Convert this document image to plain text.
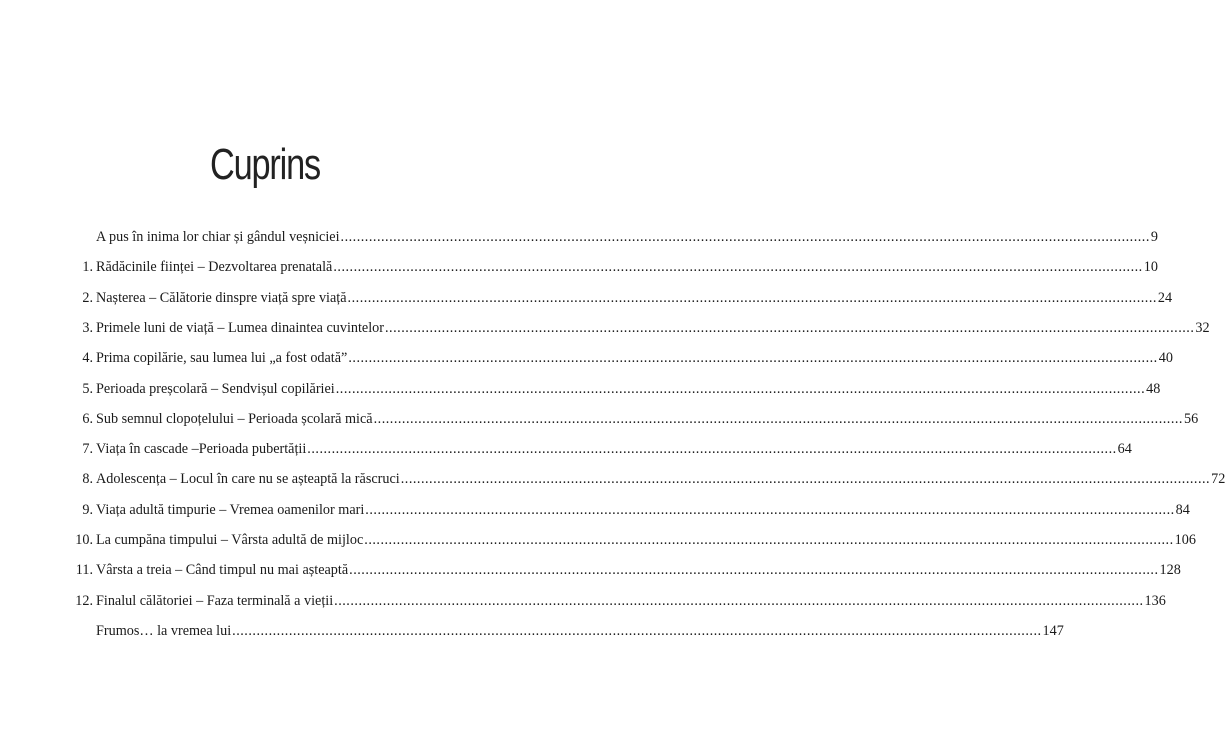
Cuprins
A pus în inima lor chiar și gândul veșniciei ........................................................................................................................................................................................................ 9
1. Rădăcinile ființei – Dezvoltarea prenatală ........................................................................................................................................................................................................ 10
2. Nașterea – Călătorie dinspre viață spre viață ........................................................................................................................................................................................................ 24
3. Primele luni de viață – Lumea dinaintea cuvintelor ........................................................................................................................................................................................................ 32
4. Prima copilărie, sau lumea lui „a fost odată” ........................................................................................................................................................................................................ 40
5. Perioada preșcolară – Sendvișul copilăriei ........................................................................................................................................................................................................ 48
6. Sub semnul clopoțelului – Perioada școlară mică ........................................................................................................................................................................................................ 56
7. Viața în cascade –Perioada pubertății ........................................................................................................................................................................................................ 64
8. Adolescența – Locul în care nu se așteaptă la răscruci ........................................................................................................................................................................................................ 72
9. Viața adultă timpurie – Vremea oamenilor mari ........................................................................................................................................................................................................ 84
10. La cumpăna timpului – Vârsta adultă de mijloc ........................................................................................................................................................................................................ 106
11. Vârsta a treia – Când timpul nu mai așteaptă ........................................................................................................................................................................................................ 128
12. Finalul călătoriei – Faza terminală a vieții ........................................................................................................................................................................................................ 136
Frumos… la vremea lui ........................................................................................................................................................................................................ 147
